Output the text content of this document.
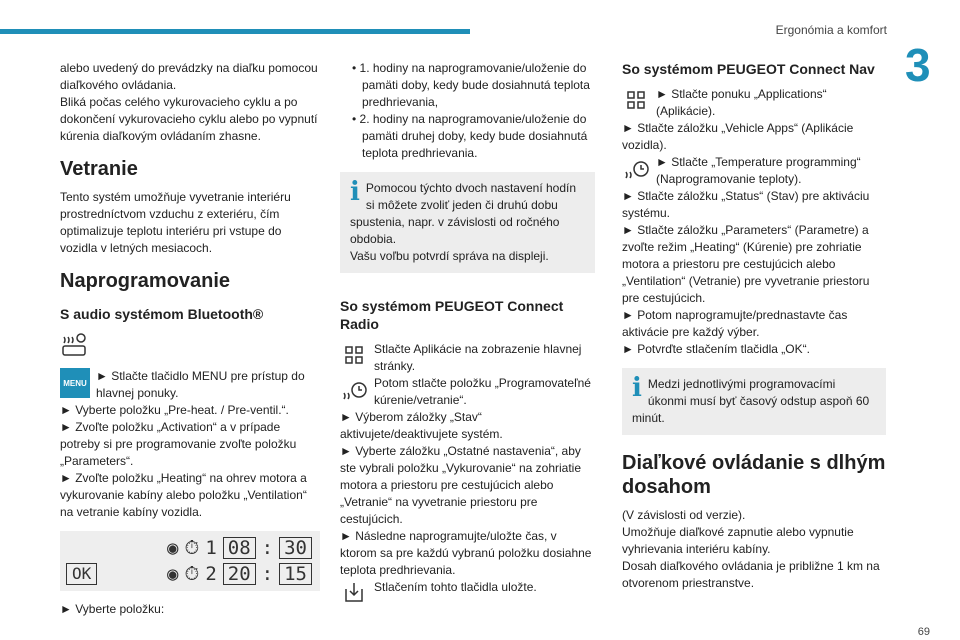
Ergonómia a komfort
3
69

alebo uvedený do prevádzky na diaľku pomocou diaľkového ovládania.
Bliká počas celého vykurovacieho cyklu a po dokončení vykurovacieho cyklu alebo po vypnutí kúrenia diaľkovým ovládaním zhasne.

Vetranie

Tento systém umožňuje vyvetranie interiéru prostredníctvom vzduchu z exteriéru, čím optimalizuje teplotu interiéru pri vstupe do vozidla v letných mesiacoch.

Naprogramovanie
S audio systémom Bluetooth®
MENU ► Stlačte tlačidlo MENU pre prístup do hlavnej ponuky.

► Vyberte položku „Pre-heat. / Pre-ventil.“.
► Zvoľte položku „Activation“ a v prípade potreby si pre programovanie zvoľte položku „Parameters“.
► Zvoľte položku „Heating“ na ohrev motora a vykurovanie kabíny alebo položku „Ventilation“ na vetranie kabíny vozidla.

OK
◉ ⏱ 1 08 : 30
◉ ⏱ 2 20 : 15

► Vyberte položku:

• 1. hodiny na naprogramovanie/uloženie do pamäti doby, kedy bude dosiahnutá teplota predhrievania,
• 2. hodiny na naprogramovanie/uloženie do pamäti druhej doby, kedy bude dosiahnutá teplota predhrievania.
i Pomocou týchto dvoch nastavení hodín si môžete zvoliť jeden či druhú dobu spustenia, napr. v závislosti od ročného obdobia.
Vašu voľbu potvrdí správa na displeji.

So systémom PEUGEOT Connect Radio

Stlačte Aplikácie na zobrazenie hlavnej stránky.

Potom stlačte položku „Programovateľné kúrenie/vetranie“.

► Výberom záložky „Stav“ aktivujete/deaktivujete systém.
► Vyberte záložku „Ostatné nastavenia“, aby ste vybrali položku „Vykurovanie“ na zohriatie motora a priestoru pre cestujúcich alebo „Vetranie“ na vyvetranie priestoru pre cestujúcich.
► Následne naprogramujte/uložte čas, v ktorom sa pre každú vybranú položku dosiahne teplota predhrievania.

Stlačením tohto tlačidla uložte.

So systémom PEUGEOT Connect Nav

► Stlačte ponuku „Applications“ (Aplikácie).

► Stlačte záložku „Vehicle Apps“ (Aplikácie vozidla).

► Stlačte „Temperature programming“ (Naprogramovanie teploty).

► Stlačte záložku „Status“ (Stav) pre aktiváciu systému.
► Stlačte záložku „Parameters“ (Parametre) a zvoľte režim „Heating“ (Kúrenie) pre zohriatie motora a priestoru pre cestujúcich alebo „Ventilation“ (Vetranie) pre vyvetranie priestoru pre cestujúcich.
► Potom naprogramujte/prednastavte čas aktivácie pre každý výber.
► Potvrďte stlačením tlačidla „OK“.

i Medzi jednotlivými programovacími úkonmi musí byť časový odstup aspoň 60 minút.

Diaľkové ovládanie s dlhým dosahom

(V závislosti od verzie).
Umožňuje diaľkové zapnutie alebo vypnutie vyhrievania interiéru kabíny.
Dosah diaľkového ovládania je približne 1 km na otvorenom priestranstve.
